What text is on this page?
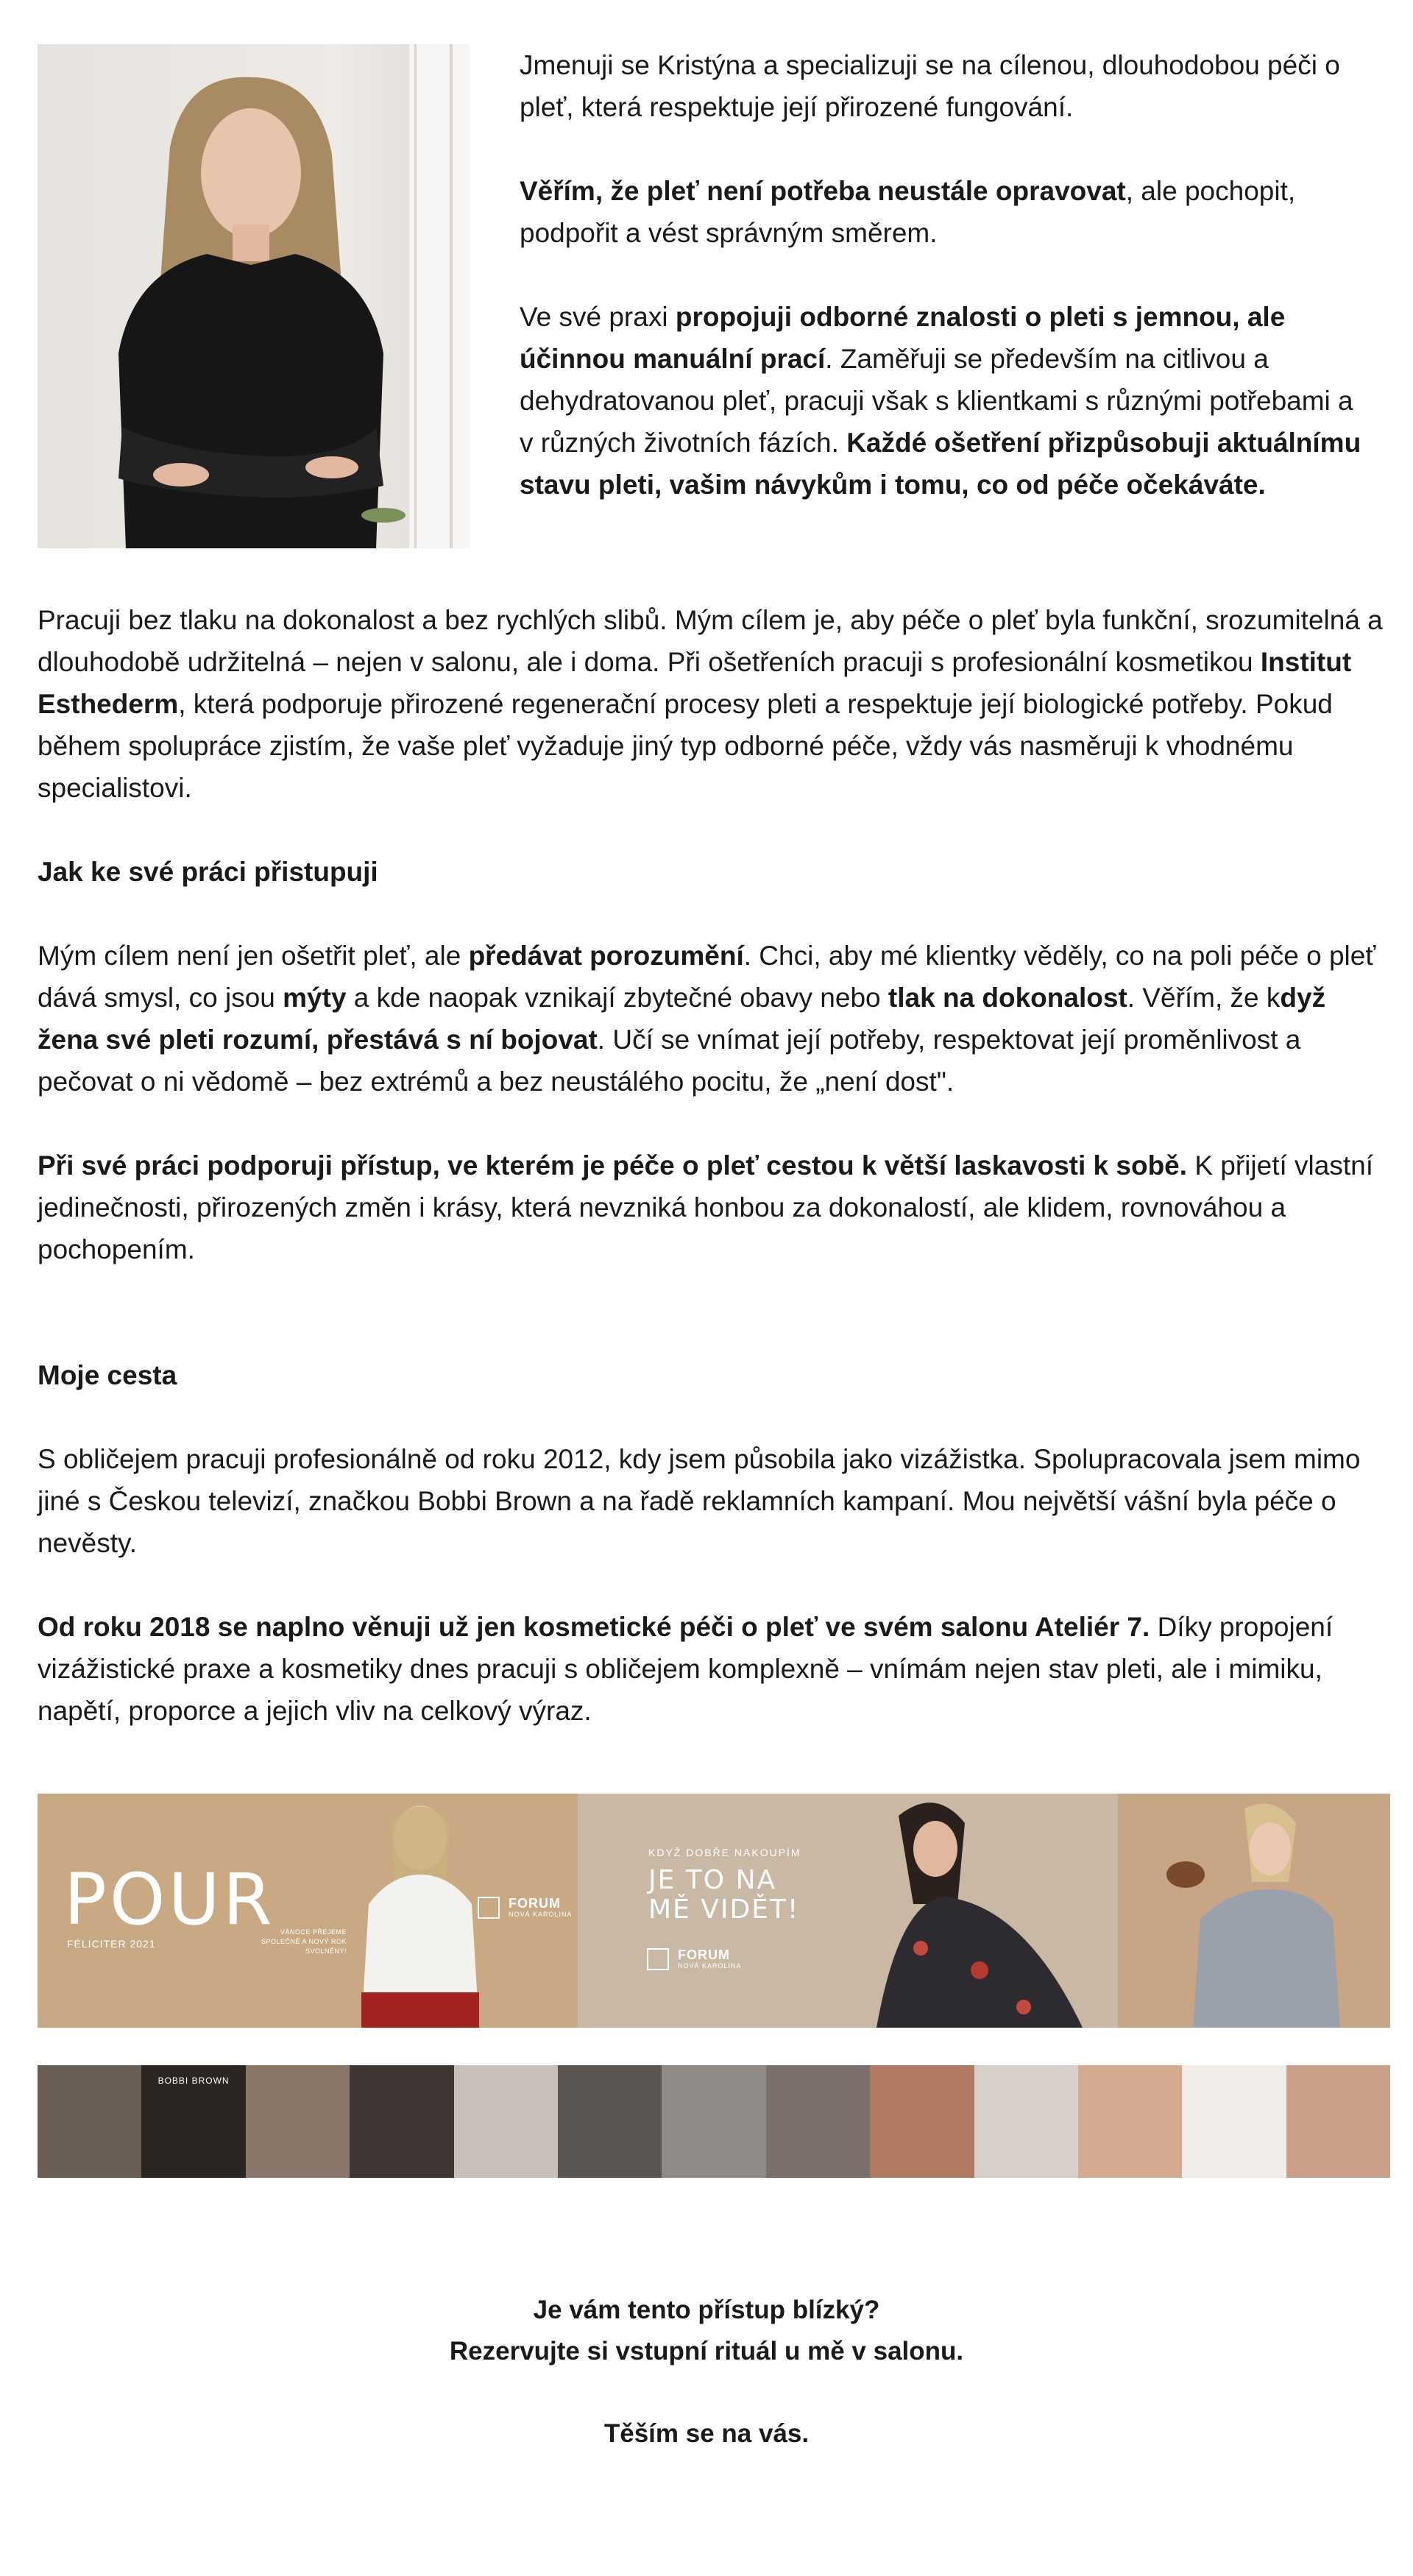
Jmenuji se Kristýna a specializuji se na cílenou, dlouhodobou péči o pleť, která respektuje její přirozené fungování.

Věřím, že pleť není potřeba neustále opravovat, ale pochopit, podpořit a vést správným směrem.

Ve své praxi propojuji odborné znalosti o pleti s jemnou, ale účinnou manuální prací. Zaměřuji se především na citlivou a dehydratovanou pleť, pracuji však s klientkami s různými potřebami a v různých životních fázích. Každé ošetření přizpůsobuji aktuálnímu stavu pleti, vašim návykům i tomu, co od péče očekáváte.

Pracuji bez tlaku na dokonalost a bez rychlých slibů. Mým cílem je, aby péče o pleť byla funkční, srozumitelná a dlouhodobě udržitelná – nejen v salonu, ale i doma. Při ošetřeních pracuji s profesionální kosmetikou Institut Esthederm, která podporuje přirozené regenerační procesy pleti a respektuje její biologické potřeby. Pokud během spolupráce zjistím, že vaše pleť vyžaduje jiný typ odborné péče, vždy vás nasměruji k vhodnému specialistovi.

Jak ke své práci přistupuji

Mým cílem není jen ošetřit pleť, ale předávat porozumění. Chci, aby mé klientky věděly, co na poli péče o pleť dává smysl, co jsou mýty a kde naopak vznikají zbytečné obavy nebo tlak na dokonalost. Věřím, že když žena své pleti rozumí, přestává s ní bojovat. Učí se vnímat její potřeby, respektovat její proměnlivost a pečovat o ni vědomě – bez extrémů a bez neustálého pocitu, že „není dost".

Při své práci podporuji přístup, ve kterém je péče o pleť cestou k větší laskavosti k sobě. K přijetí vlastní jedinečnosti, přirozených změn i krásy, která nevzniká honbou za dokonalostí, ale klidem, rovnováhou a pochopením.

Moje cesta

S obličejem pracuji profesionálně od roku 2012, kdy jsem působila jako vizážistka. Spolupracovala jsem mimo jiné s Českou televizí, značkou Bobbi Brown a na řadě reklamních kampaní. Mou největší vášní byla péče o nevěsty.

Od roku 2018 se naplno věnuji už jen kosmetické péči o pleť ve svém salonu Ateliér 7. Díky propojení vizážistické praxe a kosmetiky dnes pracuji s obličejem komplexně – vnímám nejen stav pleti, ale i mimiku, napětí, proporce a jejich vliv na celkový výraz.

POUR
FÉLICITER 2021
VÁNOCE PŘEJEME SPOLEČNĚ A NOVÝ ROK SVOLNĚNÝ!
FORUM
NOVÁ KAROLINA
KDYŽ DOBŘE NAKOUPÍM
JE TO NA
MĚ VIDĚT!
FORUM
NOVÁ KAROLINA
BOBBI BROWN

Je vám tento přístup blízký?

Rezervujte si vstupní rituál u mě v salonu.

Těším se na vás.
